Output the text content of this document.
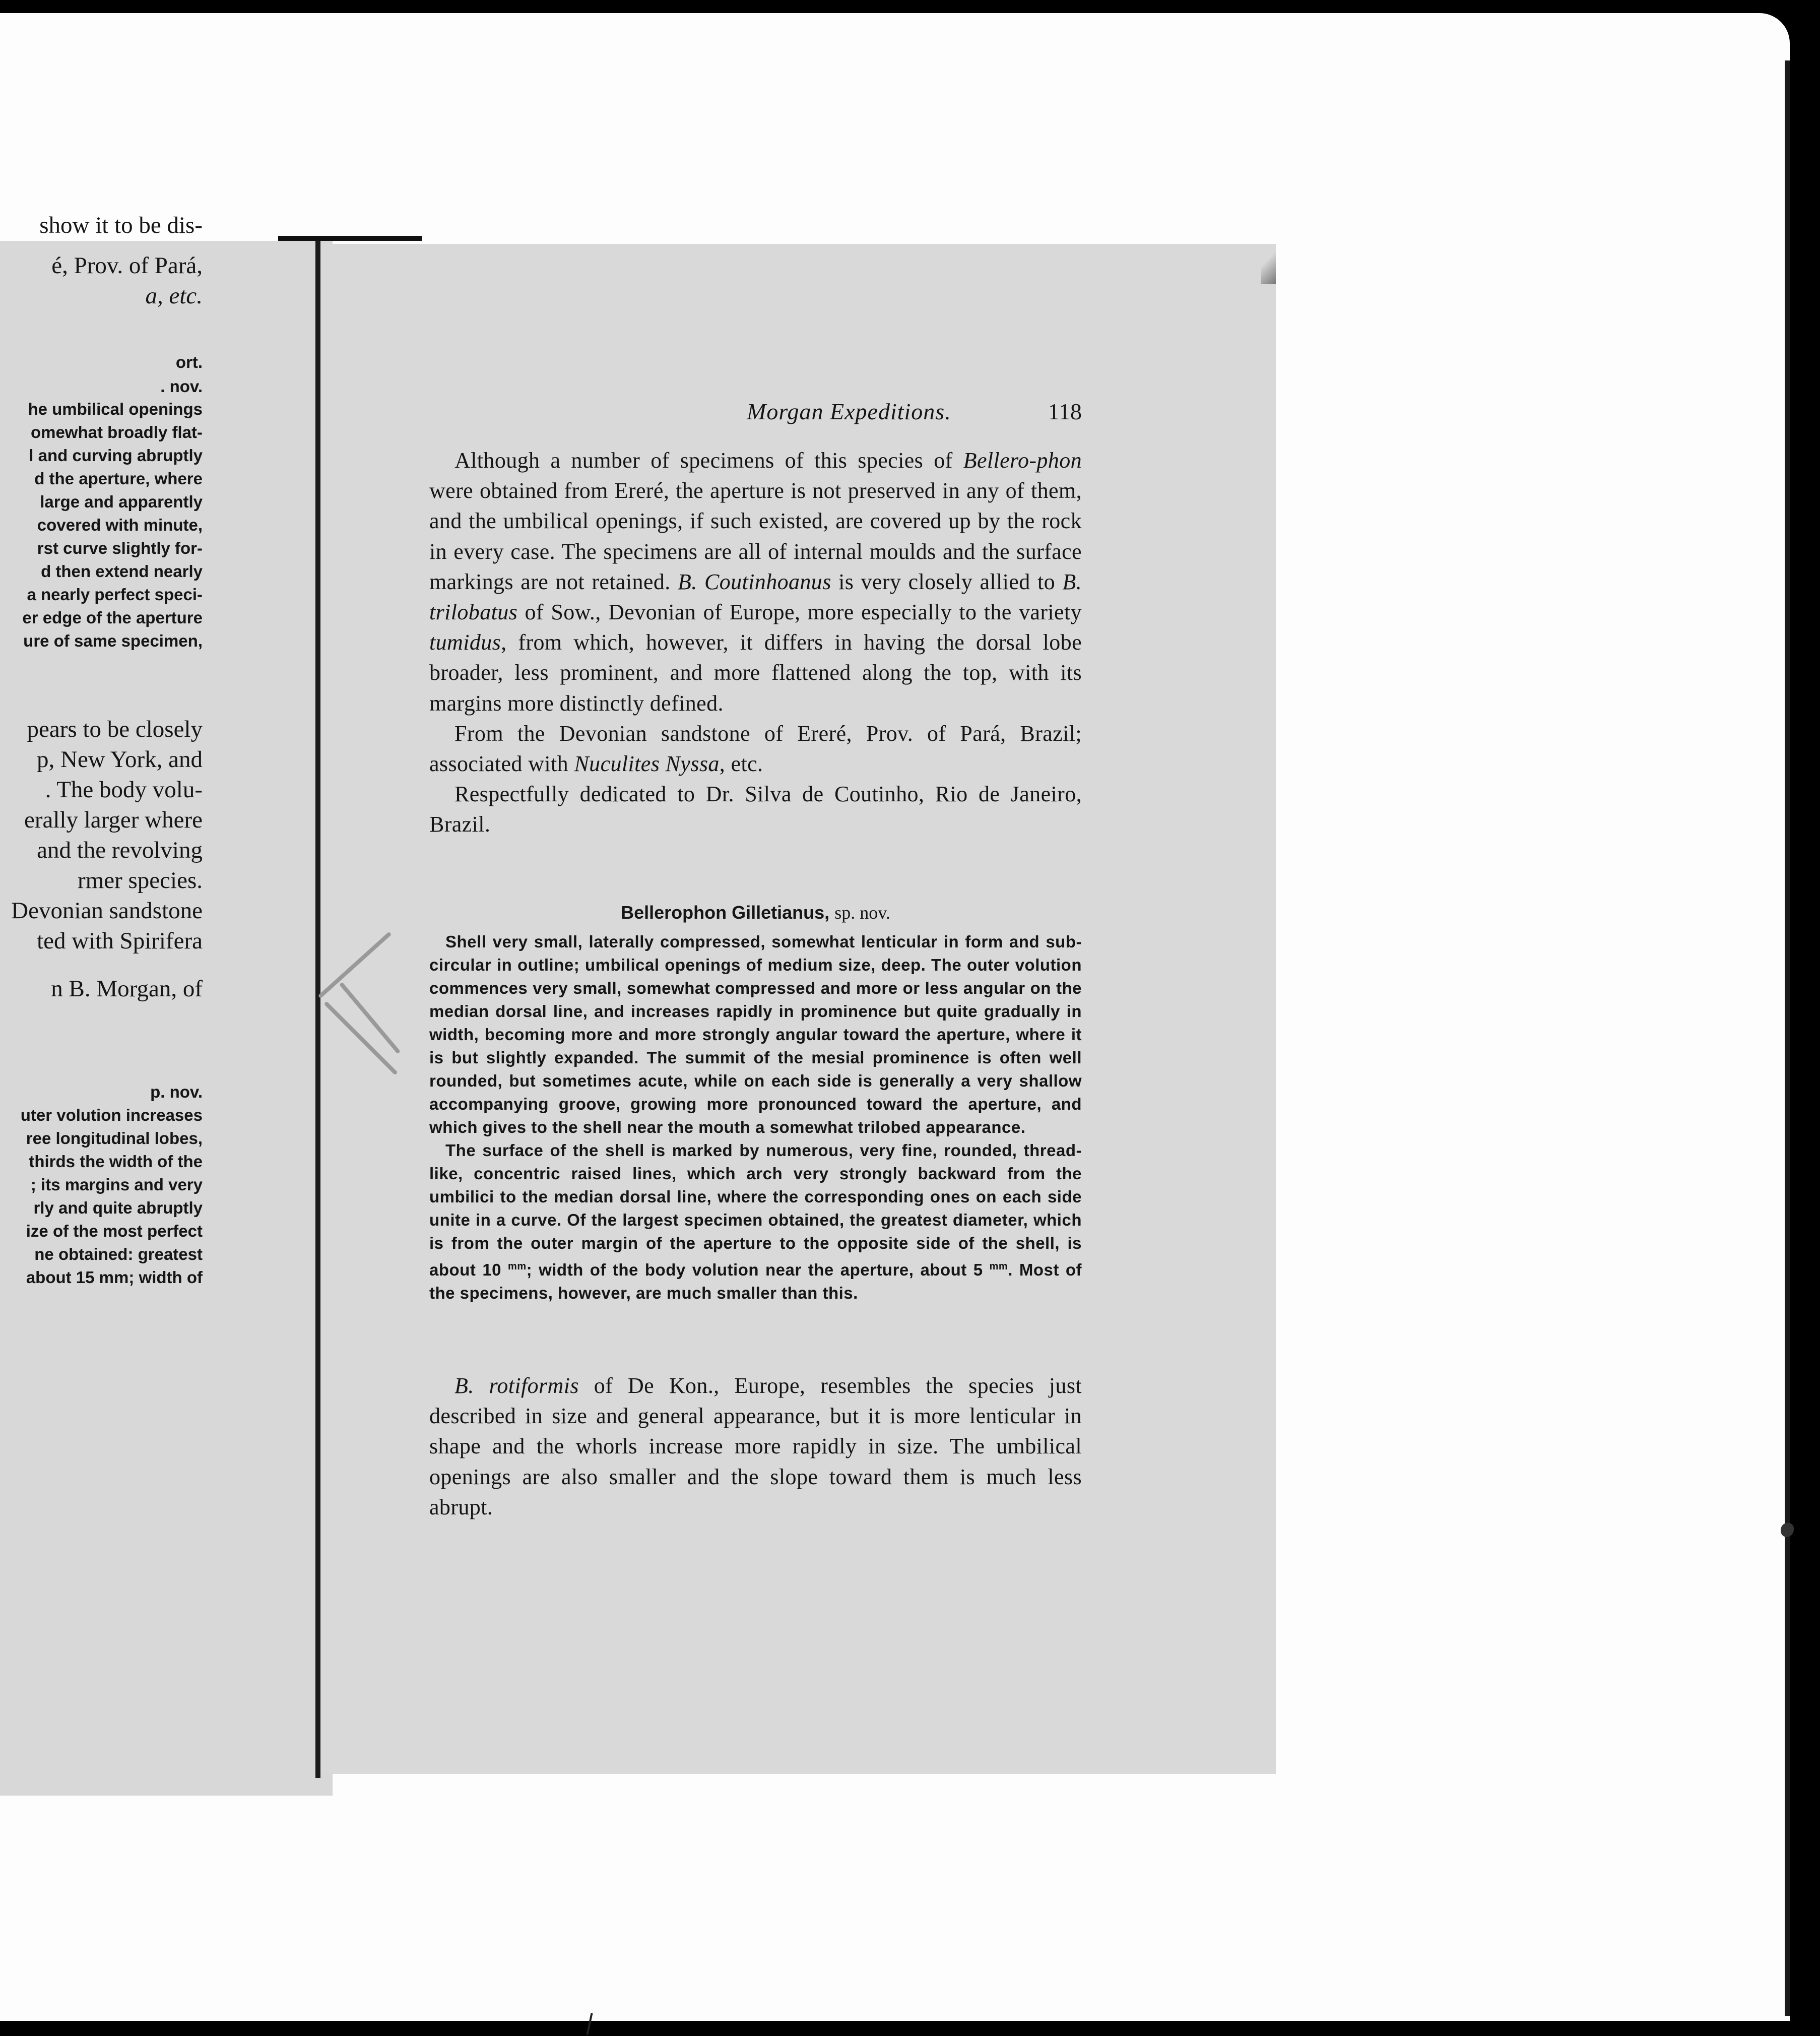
show it to be dis-
é, Prov. of Pará,
a, etc.
ort.
. nov.
he umbilical openings
omewhat broadly flat-
l and curving abruptly
d the aperture, where
large and apparently
covered with minute,
rst curve slightly for-
d then extend nearly
a nearly perfect speci-
er edge of the aperture
ure of same specimen,
pears to be closely
p, New York, and
. The body volu-
erally larger where
and the revolving
rmer species.
Devonian sandstone
ted with Spirifera
n B. Morgan, of
p. nov.
uter volution increases
ree longitudinal lobes,
thirds the width of the
; its margins and very
rly and quite abruptly
ize of the most perfect
ne obtained: greatest
about 15 mm; width of
Morgan Expeditions.	118

Although a number of specimens of this species of Bellero-phon were obtained from Ereré, the aperture is not preserved in any of them, and the umbilical openings, if such existed, are covered up by the rock in every case. The specimens are all of internal moulds and the surface markings are not retained. B. Coutinhoanus is very closely allied to B. trilobatus of Sow., Devonian of Europe, more especially to the variety tumidus, from which, however, it differs in having the dorsal lobe broader, less prominent, and more flattened along the top, with its margins more distinctly defined.

From the Devonian sandstone of Ereré, Prov. of Pará, Brazil; associated with Nuculites Nyssa, etc.

Respectfully dedicated to Dr. Silva de Coutinho, Rio de Janeiro, Brazil.

Bellerophon Gilletianus, sp. nov.

Shell very small, laterally compressed, somewhat lenticular in form and sub-circular in outline; umbilical openings of medium size, deep. The outer volution commences very small, somewhat compressed and more or less angular on the median dorsal line, and increases rapidly in prominence but quite gradually in width, becoming more and more strongly angular toward the aperture, where it is but slightly expanded. The summit of the mesial prominence is often well rounded, but sometimes acute, while on each side is generally a very shallow accompanying groove, growing more pronounced toward the aperture, and which gives to the shell near the mouth a somewhat trilobed appearance.

The surface of the shell is marked by numerous, very fine, rounded, thread-like, concentric raised lines, which arch very strongly backward from the umbilici to the median dorsal line, where the corresponding ones on each side unite in a curve. Of the largest specimen obtained, the greatest diameter, which is from the outer margin of the aperture to the opposite side of the shell, is about 10 $^{mm}$; width of the body volution near the aperture, about 5 $^{mm}$. Most of the specimens, however, are much smaller than this.

B. rotiformis of De Kon., Europe, resembles the species just described in size and general appearance, but it is more lenticular in shape and the whorls increase more rapidly in size. The umbilical openings are also smaller and the slope toward them is much less abrupt.
